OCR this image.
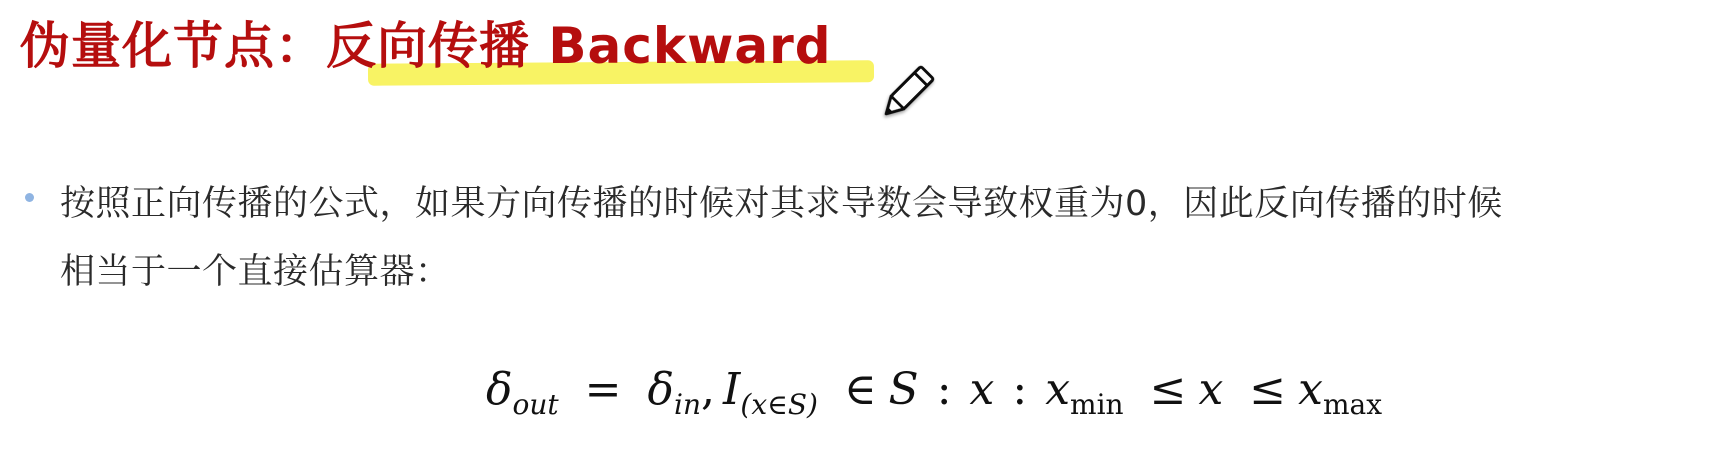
伪量化节点：反向传播 Backward
按照正向传播的公式，如果方向传播的时候对其求导数会导致权重为0，因此反向传播的时候
相当于一个直接估算器：
$\delta_{out} = \delta_{in}$, $I_{(x\in S)}$ ∈ S : x : $x_{min} \le x \le x_{max}$
